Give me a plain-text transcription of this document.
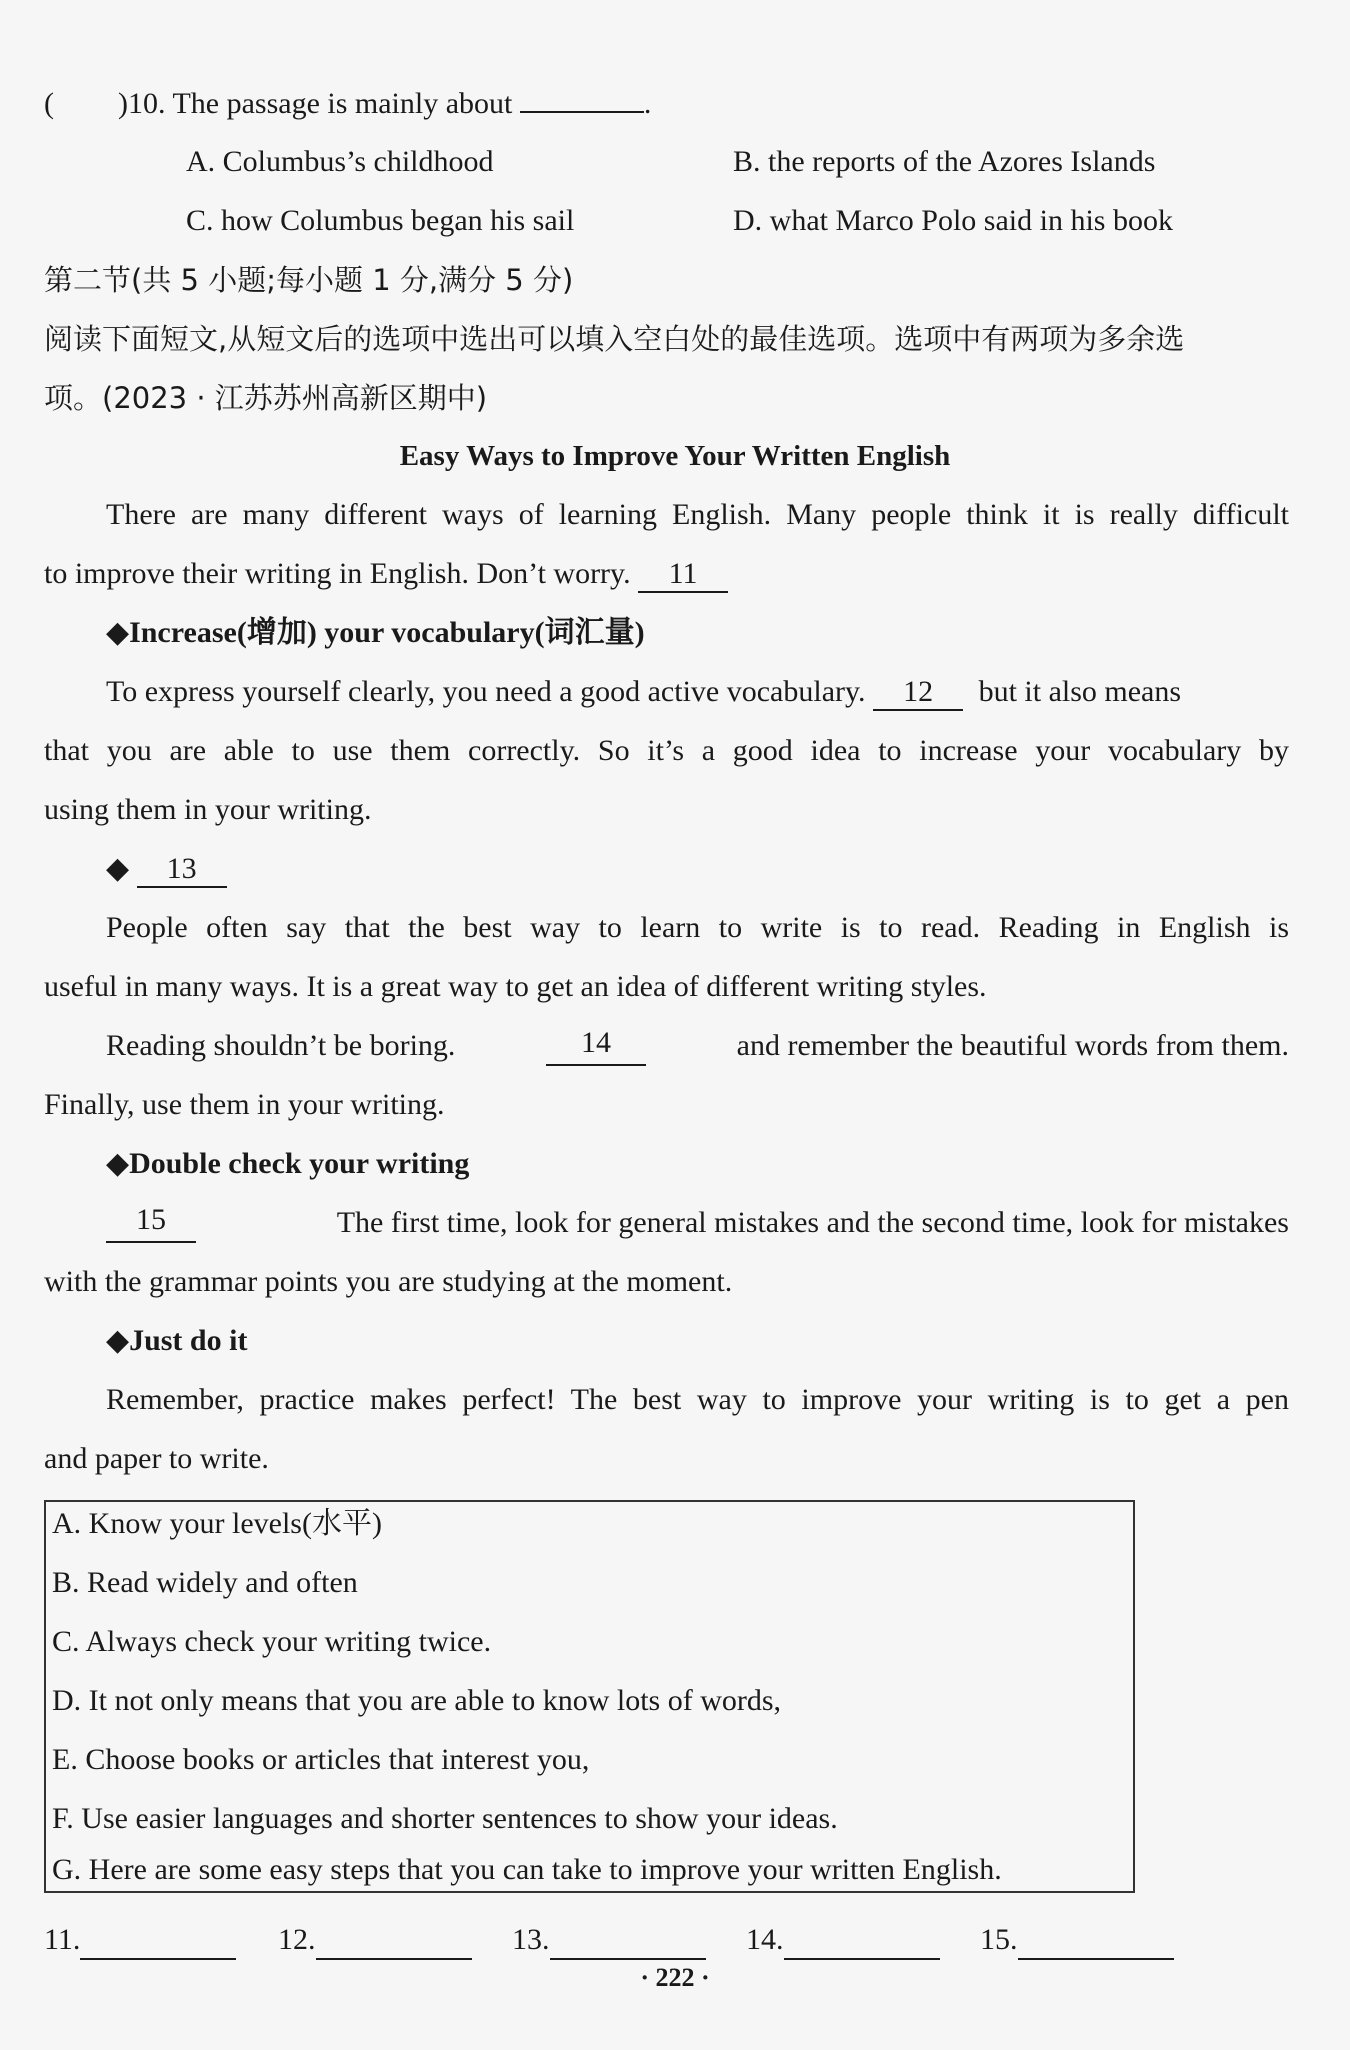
( )10. The passage is mainly about	.
A. Columbus’s childhood	B. the reports of the Azores Islands
C. how Columbus began his sail	D. what Marco Polo said in his book
第二节(共 5 小题;每小题 1 分,满分 5 分)
阅读下面短文,从短文后的选项中选出可以填入空白处的最佳选项。选项中有两项为多余选
项。(2023 · 江苏苏州高新区期中)
Easy Ways to Improve Your Written English
There are many different ways of learning English. Many people think it is really difficult
to improve their writing in English. Don’t worry. 11
◆Increase(增加) your vocabulary(词汇量)
To express yourself clearly, you need a good active vocabulary. 12 but it also means
that you are able to use them correctly. So it’s a good idea to increase your vocabulary by
using them in your writing.
◆ 13
People often say that the best way to learn to write is to read. Reading in English is
useful in many ways. It is a great way to get an idea of different writing styles.
Reading shouldn’t be boring.	14	and remember the beautiful words from them.
Finally, use them in your writing.
◆Double check your writing
15	The first time, look for general mistakes and the second time, look for mistakes
with the grammar points you are studying at the moment.
◆Just do it
Remember, practice makes perfect! The best way to improve your writing is to get a pen
and paper to write.
A. Know your levels(水平)
B. Read widely and often
C. Always check your writing twice.
D. It not only means that you are able to know lots of words,
E. Choose books or articles that interest you,
F. Use easier languages and shorter sentences to show your ideas.
G. Here are some easy steps that you can take to improve your written English.
11.	12.	13.	14.	15.
· 222 ·
